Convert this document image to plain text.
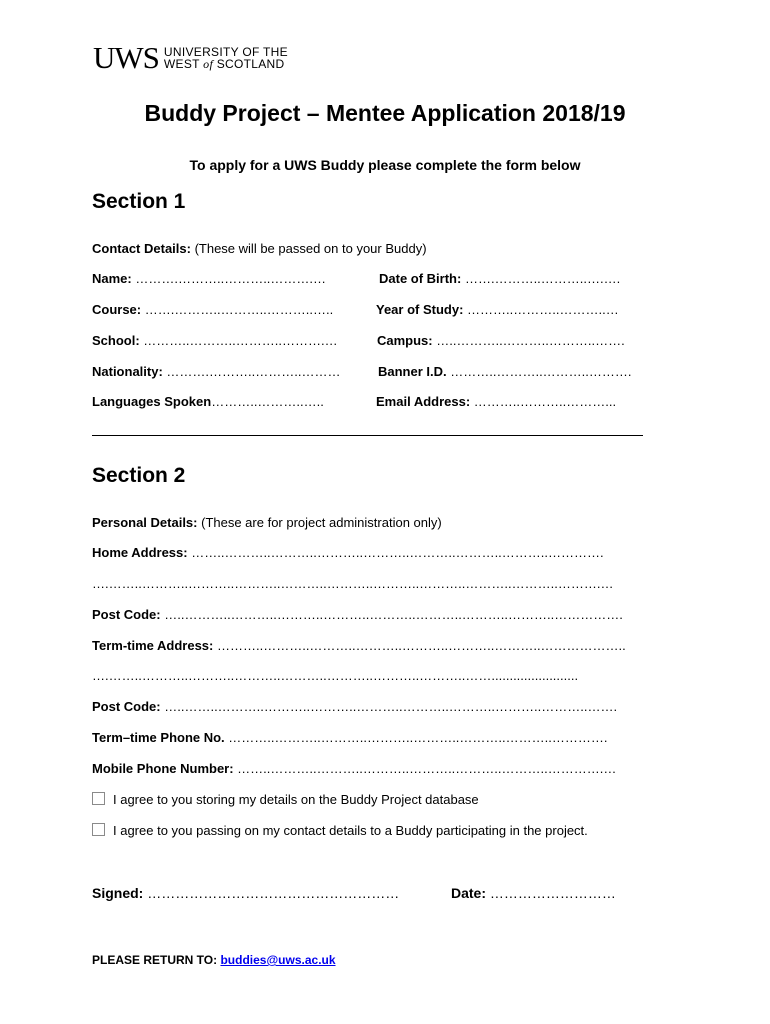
UWS UNIVERSITY OF THE
WEST of SCOTLAND
Buddy Project – Mentee Application 2018/19
To apply for a UWS Buddy please complete the form below
Section 1
Contact Details: (These will be passed on to your Buddy)
Name: ……….………..………..……….…
Course: …….………..………..………..…..
School: ………..………..………..……….…
Nationality: ……….………..………..………
Languages Spoken………..………..…..
Date of Birth: …….………..………..….….
Year of Study: ………..………..………..…
Campus: …..………..………..………..…….
Banner I.D. ………..………..………..……….
Email Address: ………..………..………...
Section 2
Personal Details: (These are for project administration only)
Home Address: ……..………..………..………..………..………..………..………..………….
….……..………..………..………..………..………..………..………..………..………..……….…
Post Code: …..………..………..………..………..………..………..………..………..…………….
Term-time Address: ………..………..………..………..………..………..………..………………..
….……..………..………..………..………..………..………..………..……........................
Post Code: …..……..………..………..………..………..………..………..………..………..…….
Term–time Phone No. ………..………..………..………..………..………..………..………….
Mobile Phone Number: ……..………..………..………..………..………..………..………….…
I agree to you storing my details on the Buddy Project database
I agree to you passing on my contact details to a Buddy participating in the project.
Signed: ………………………………………………	Date: ………………………
PLEASE RETURN TO: buddies@uws.ac.uk
